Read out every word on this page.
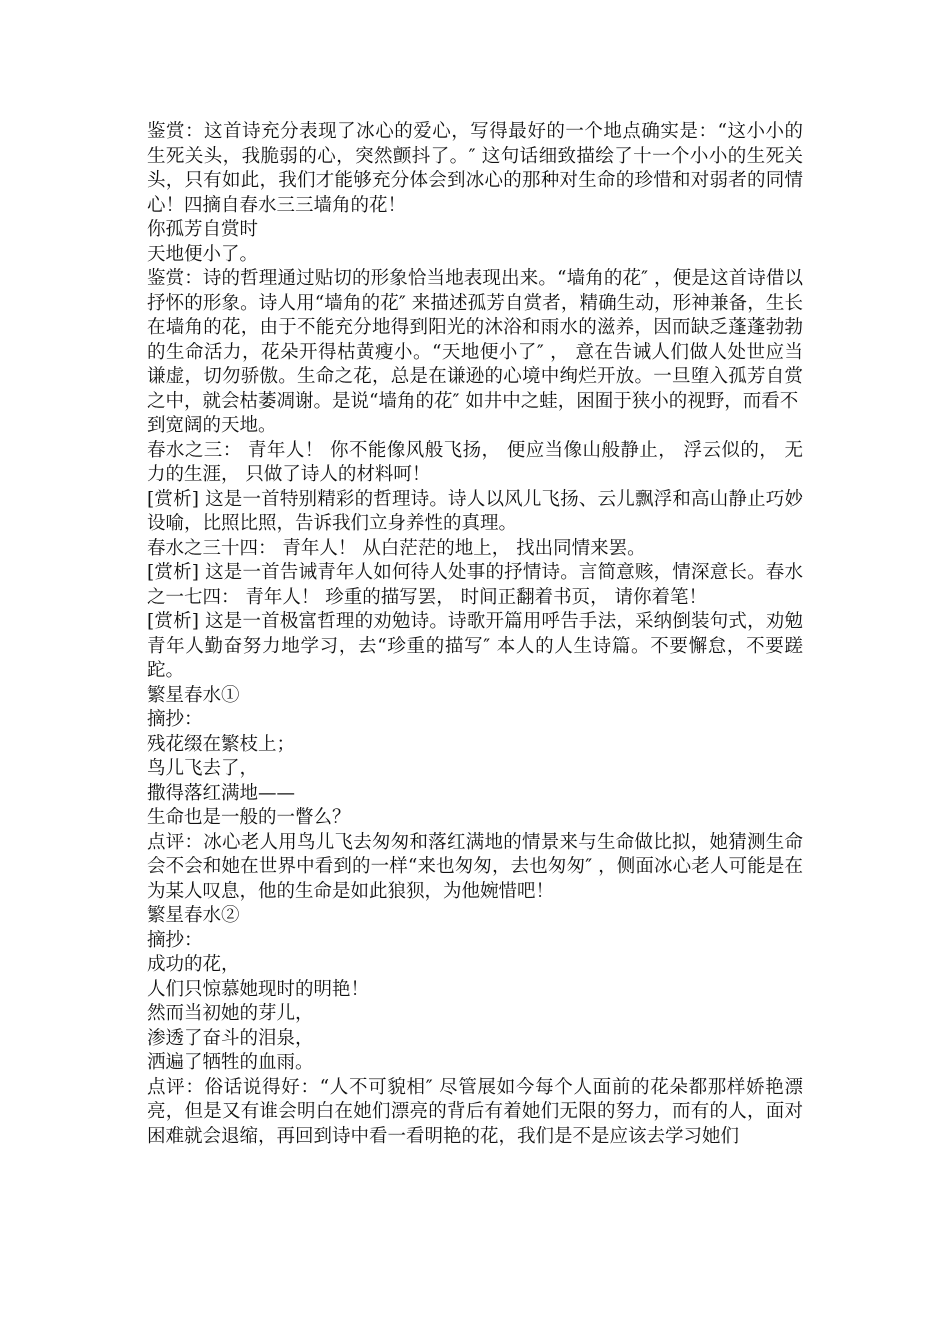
鉴赏：这首诗充分表现了冰心的爱心，写得最好的一个地点确实是：“这小小的生死关头，我脆弱的心，突然颤抖了。″ 这句话细致描绘了十一个小小的生死关头，只有如此，我们才能够充分体会到冰心的那种对生命的珍惜和对弱者的同情心！四摘自春水三三墙角的花！

你孤芳自赏时

天地便小了。

鉴赏：诗的哲理通过贴切的形象恰当地表现出来。“墙角的花″ ，便是这首诗借以抒怀的形象。诗人用“墙角的花″ 来描述孤芳自赏者，精确生动，形神兼备，生长在墙角的花，由于不能充分地得到阳光的沐浴和雨水的滋养，因而缺乏蓬蓬勃勃的生命活力，花朵开得枯黄瘦小。“天地便小了″ ， 意在告诫人们做人处世应当谦虚，切勿骄傲。生命之花，总是在谦逊的心境中绚烂开放。一旦堕入孤芳自赏之中，就会枯萎凋谢。是说“墙角的花″ 如井中之蛙，困囿于狭小的视野，而看不

到宽阔的天地。

春水之三： 青年人！ 你不能像风般飞扬， 便应当像山般静止， 浮云似的， 无力的生涯， 只做了诗人的材料呵！

[赏析] 这是一首特别精彩的哲理诗。诗人以风儿飞扬、云儿飘浮和高山静止巧妙设喻，比照比照，告诉我们立身养性的真理。

春水之三十四： 青年人！ 从白茫茫的地上， 找出同情来罢。

[赏析] 这是一首告诫青年人如何待人处事的抒情诗。言简意赅，情深意长。春水之一七四： 青年人！ 珍重的描写罢， 时间正翻着书页， 请你着笔！

[赏析] 这是一首极富哲理的劝勉诗。诗歌开篇用呼告手法，采纳倒装句式，劝勉青年人勤奋努力地学习，去“珍重的描写″ 本人的人生诗篇。不要懈怠，不要蹉跎。

繁星春水①

摘抄：

残花缀在繁枝上；

鸟儿飞去了，

撒得落红满地——

生命也是一般的一瞥么？

点评：冰心老人用鸟儿飞去匆匆和落红满地的情景来与生命做比拟，她猜测生命会不会和她在世界中看到的一样“来也匆匆，去也匆匆″ ，侧面冰心老人可能是在为某人叹息，他的生命是如此狼狈，为他婉惜吧！

繁星春水②

摘抄：

成功的花，

人们只惊慕她现时的明艳！

然而当初她的芽儿，

渗透了奋斗的泪泉，

洒遍了牺牲的血雨。

点评：俗话说得好：“人不可貌相″ 尽管展如今每个人面前的花朵都那样娇艳漂亮，但是又有谁会明白在她们漂亮的背后有着她们无限的努力，而有的人，面对困难就会退缩，再回到诗中看一看明艳的花，我们是不是应该去学习她们
